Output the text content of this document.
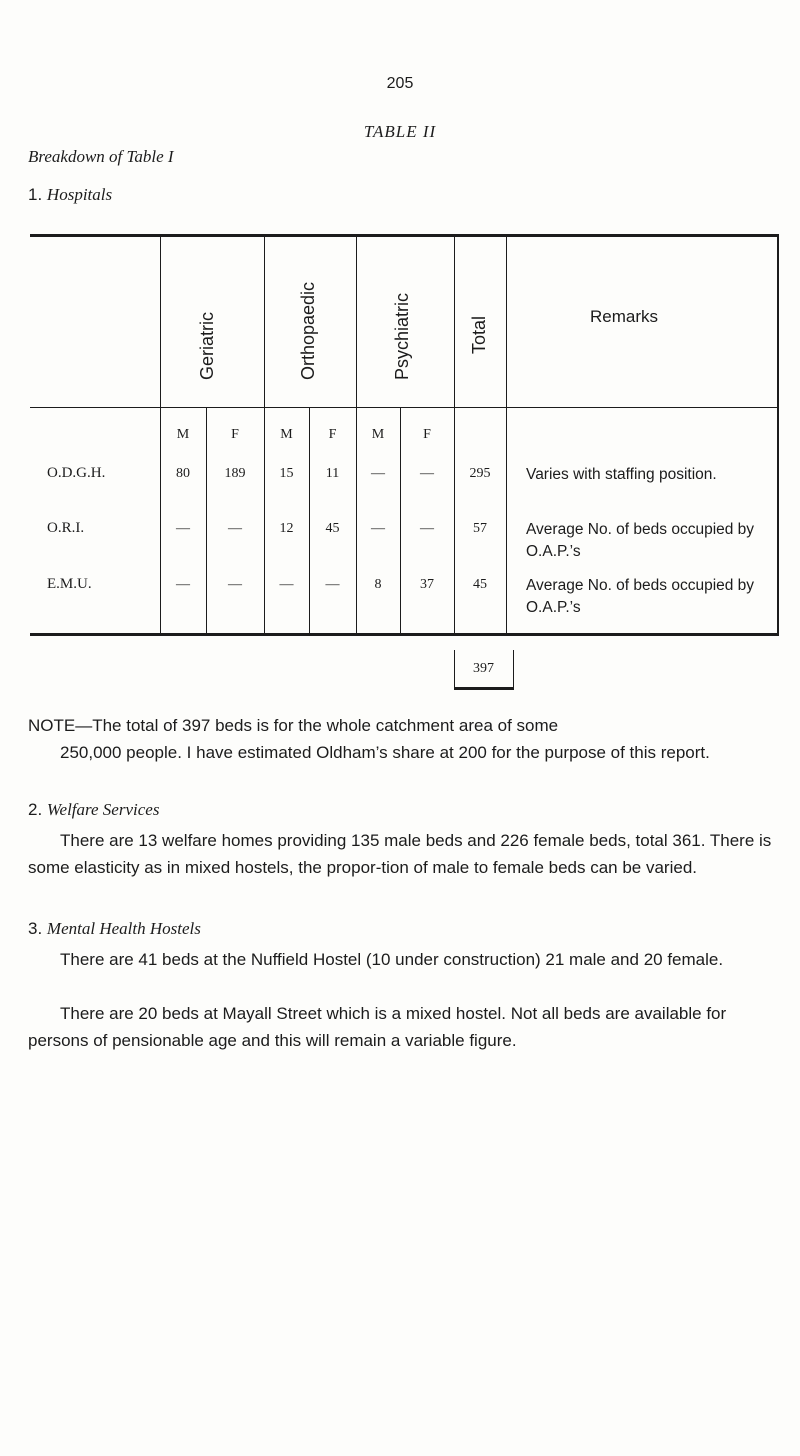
205
TABLE II
Breakdown of Table I
1. Hospitals
Geriatric	Orthopaedic	Psychiatric	Total	Remarks
M	F	M	F	M	F
O.D.G.H.	80	189	15	11	—	—	295	Varies with staffing position.
O.R.I.	—	—	12	45	—	—	57	Average No. of beds occupied by O.A.P.’s
E.M.U.	—	—	—	—	8	37	45	Average No. of beds occupied by O.A.P.’s
397
NOTE—The total of 397 beds is for the whole catchment area of some
250,000 people. I have estimated Oldham’s share at 200 for the purpose of this report.
2. Welfare Services
There are 13 welfare homes providing 135 male beds and 226 female beds, total 361. There is some elasticity as in mixed hostels, the propor-tion of male to female beds can be varied.
3. Mental Health Hostels
There are 41 beds at the Nuffield Hostel (10 under construction) 21 male and 20 female.
There are 20 beds at Mayall Street which is a mixed hostel. Not all beds are available for persons of pensionable age and this will remain a variable figure.
